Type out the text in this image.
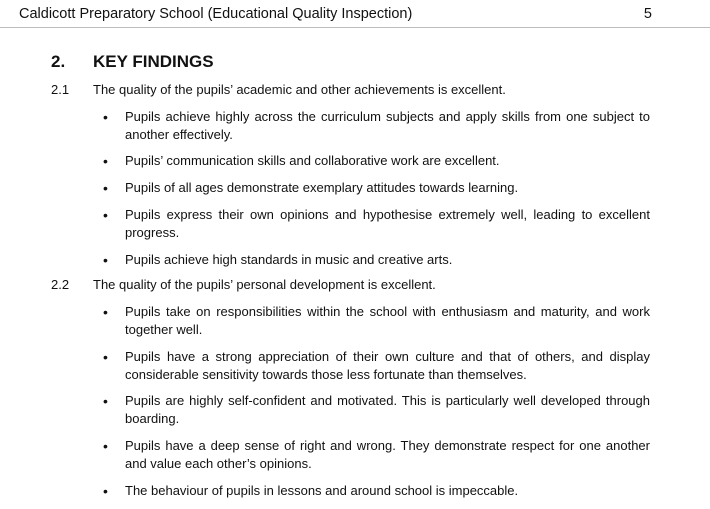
Caldicott Preparatory School (Educational Quality Inspection)	5
2.	KEY FINDINGS
2.1	The quality of the pupils’ academic and other achievements is excellent.
•	Pupils achieve highly across the curriculum subjects and apply skills from one subject to another effectively.
•	Pupils’ communication skills and collaborative work are excellent.
•	Pupils of all ages demonstrate exemplary attitudes towards learning.
•	Pupils express their own opinions and hypothesise extremely well, leading to excellent progress.
•	Pupils achieve high standards in music and creative arts.
2.2	The quality of the pupils’ personal development is excellent.
•	Pupils take on responsibilities within the school with enthusiasm and maturity, and work together well.
•	Pupils have a strong appreciation of their own culture and that of others, and display considerable sensitivity towards those less fortunate than themselves.
•	Pupils are highly self-confident and motivated. This is particularly well developed through boarding.
•	Pupils have a deep sense of right and wrong. They demonstrate respect for one another and value each other’s opinions.
•	The behaviour of pupils in lessons and around school is impeccable.
